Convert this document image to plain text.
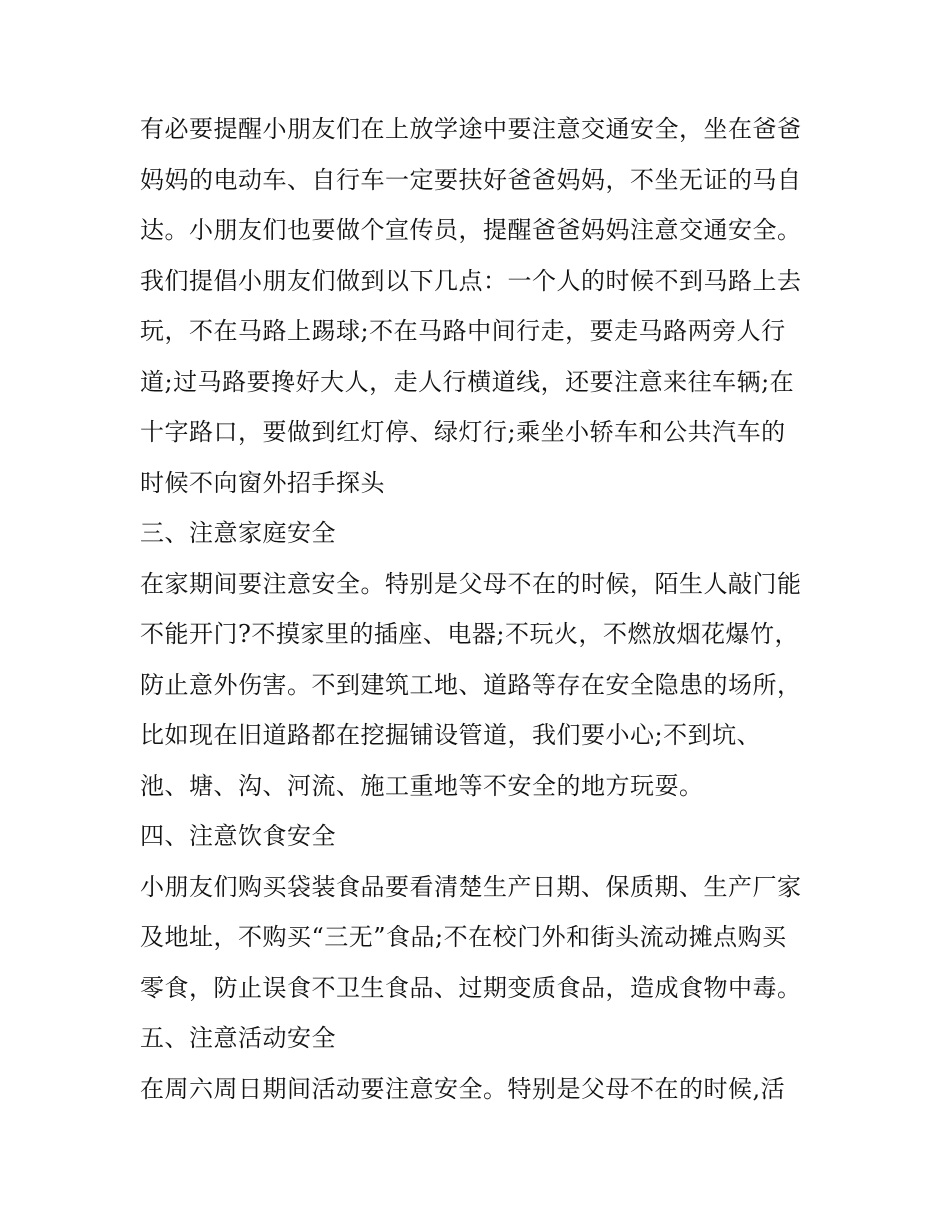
有必要提醒小朋友们在上放学途中要注意交通安全，坐在爸爸
妈妈的电动车、自行车一定要扶好爸爸妈妈，不坐无证的马自
达。小朋友们也要做个宣传员，提醒爸爸妈妈注意交通安全。
我们提倡小朋友们做到以下几点：一个人的时候不到马路上去
玩，不在马路上踢球;不在马路中间行走，要走马路两旁人行
道;过马路要搀好大人，走人行横道线，还要注意来往车辆;在
十字路口，要做到红灯停、绿灯行;乘坐小轿车和公共汽车的
时候不向窗外招手探头
三、注意家庭安全
在家期间要注意安全。特别是父母不在的时候，陌生人敲门能
不能开门?不摸家里的插座、电器;不玩火，不燃放烟花爆竹，
防止意外伤害。不到建筑工地、道路等存在安全隐患的场所，
比如现在旧道路都在挖掘铺设管道，我们要小心;不到坑、
池、塘、沟、河流、施工重地等不安全的地方玩耍。
四、注意饮食安全
小朋友们购买袋装食品要看清楚生产日期、保质期、生产厂家
及地址，不购买“三无”食品;不在校门外和街头流动摊点购买
零食，防止误食不卫生食品、过期变质食品，造成食物中毒。
五、注意活动安全
在周六周日期间活动要注意安全。特别是父母不在的时候,活
